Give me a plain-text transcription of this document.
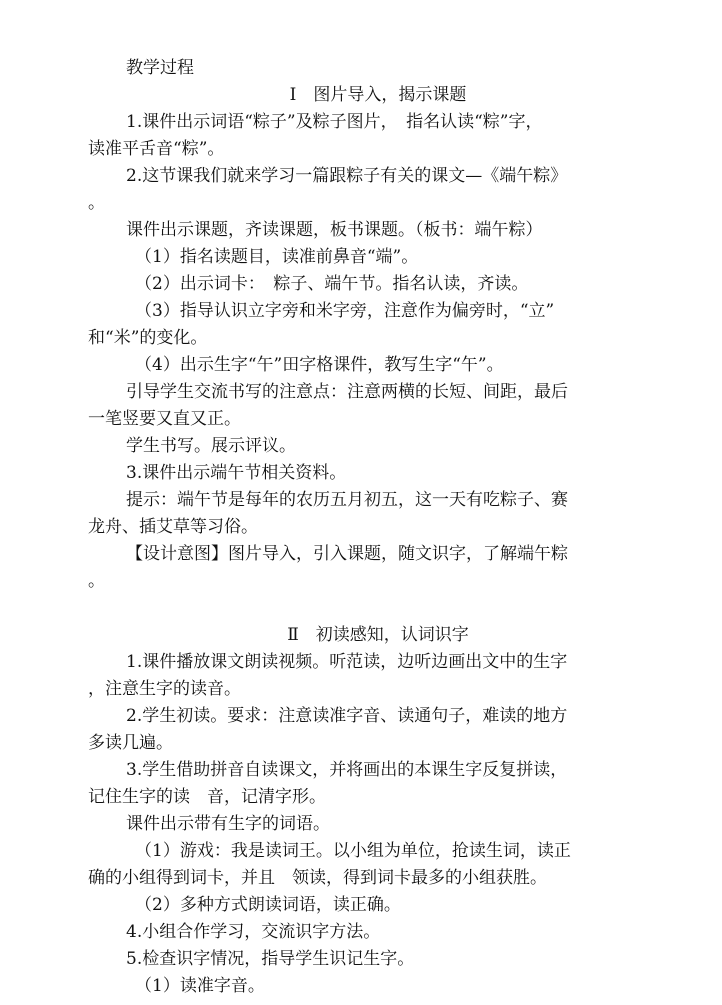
教学过程
Ⅰ　图片导入，揭示课题
1.课件出示词语“粽子”及粽子图片，　指名认读“粽”字，
读准平舌音“粽”。
2.这节课我们就来学习一篇跟粽子有关的课文—《端午粽》
。
课件出示课题，齐读课题，板书课题。（板书：端午粽）
（1）指名读题目，读准前鼻音“端”。
（2）出示词卡：　粽子、端午节。指名认读，齐读。
（3）指导认识立字旁和米字旁，注意作为偏旁时，“立”
和“米”的变化。
（4）出示生字“午”田字格课件，教写生字“午”。
引导学生交流书写的注意点：注意两横的长短、间距，最后
一笔竖要又直又正。
学生书写。展示评议。
3.课件出示端午节相关资料。
提示：端午节是每年的农历五月初五，这一天有吃粽子、赛
龙舟、插艾草等习俗。
【设计意图】图片导入，引入课题，随文识字，了解端午粽
。
Ⅱ　初读感知，认词识字
1.课件播放课文朗读视频。听范读，边听边画出文中的生字
，注意生字的读音。
2.学生初读。要求：注意读准字音、读通句子，难读的地方
多读几遍。
3.学生借助拼音自读课文，并将画出的本课生字反复拼读，
记住生字的读　音，记清字形。
课件出示带有生字的词语。
（1）游戏：我是读词王。以小组为单位，抢读生词，读正
确的小组得到词卡，并且　领读，得到词卡最多的小组获胜。
（2）多种方式朗读词语，读正确。
4.小组合作学习，交流识字方法。
5.检查识字情况，指导学生识记生字。
（1）读准字音。
